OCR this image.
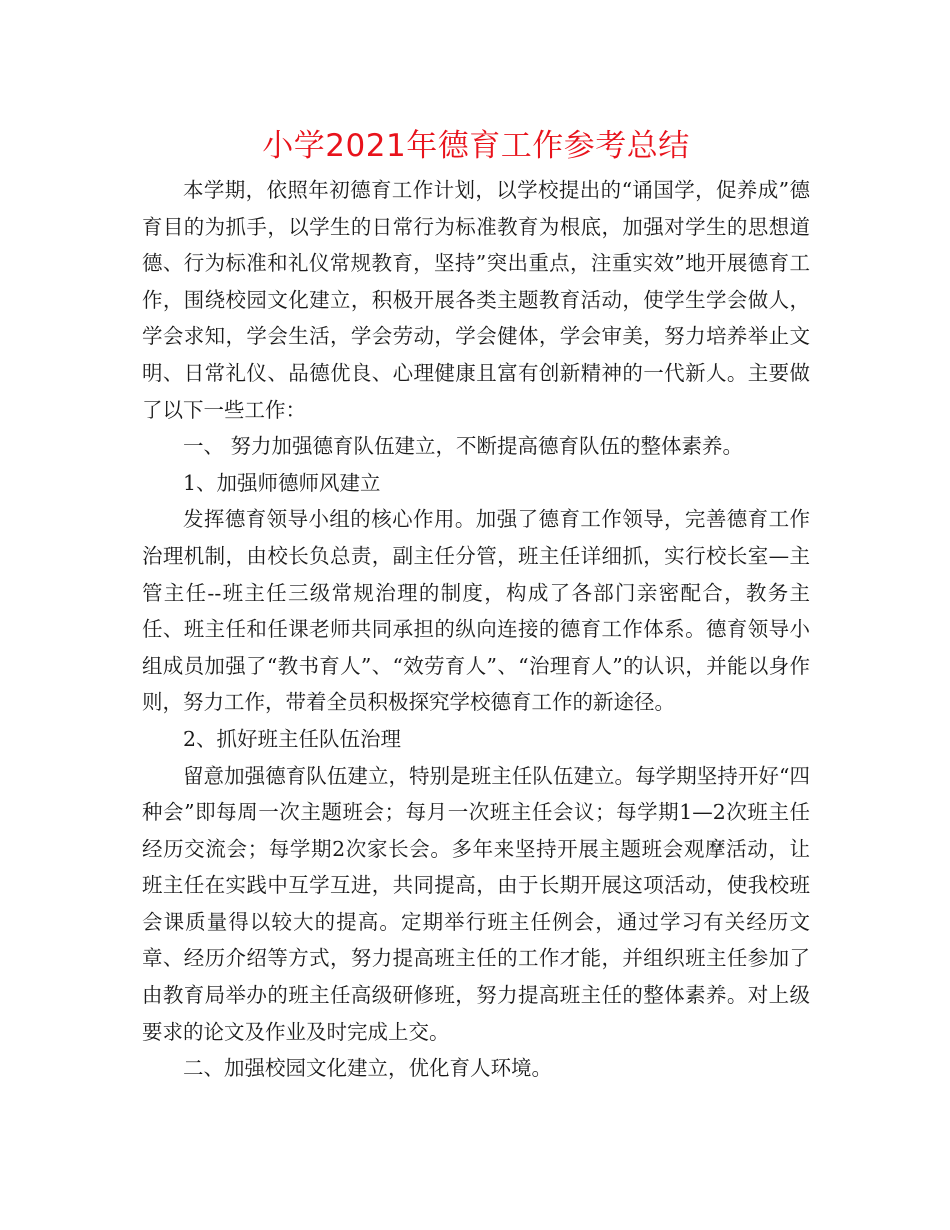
小学2021年德育工作参考总结

本学期，依照年初德育工作计划，以学校提出的“诵国学，促养成”德育目的为抓手，以学生的日常行为标准教育为根底，加强对学生的思想道德、行为标准和礼仪常规教育，坚持”突出重点，注重实效”地开展德育工作，围绕校园文化建立，积极开展各类主题教育活动，使学生学会做人，学会求知，学会生活，学会劳动，学会健体，学会审美，努力培养举止文明、日常礼仪、品德优良、心理健康且富有创新精神的一代新人。主要做了以下一些工作：

一、 努力加强德育队伍建立，不断提高德育队伍的整体素养。

1、加强师德师风建立

发挥德育领导小组的核心作用。加强了德育工作领导，完善德育工作治理机制，由校长负总责，副主任分管，班主任详细抓，实行校长室—主管主任--班主任三级常规治理的制度，构成了各部门亲密配合，教务主任、班主任和任课老师共同承担的纵向连接的德育工作体系。德育领导小组成员加强了“教书育人”、“效劳育人”、“治理育人”的认识，并能以身作则，努力工作，带着全员积极探究学校德育工作的新途径。

2、抓好班主任队伍治理

留意加强德育队伍建立，特别是班主任队伍建立。每学期坚持开好“四种会”即每周一次主题班会；每月一次班主任会议；每学期1—2次班主任经历交流会；每学期2次家长会。多年来坚持开展主题班会观摩活动，让班主任在实践中互学互进，共同提高，由于长期开展这项活动，使我校班会课质量得以较大的提高。定期举行班主任例会，通过学习有关经历文章、经历介绍等方式，努力提高班主任的工作才能，并组织班主任参加了由教育局举办的班主任高级研修班，努力提高班主任的整体素养。对上级要求的论文及作业及时完成上交。

二、加强校园文化建立，优化育人环境。
